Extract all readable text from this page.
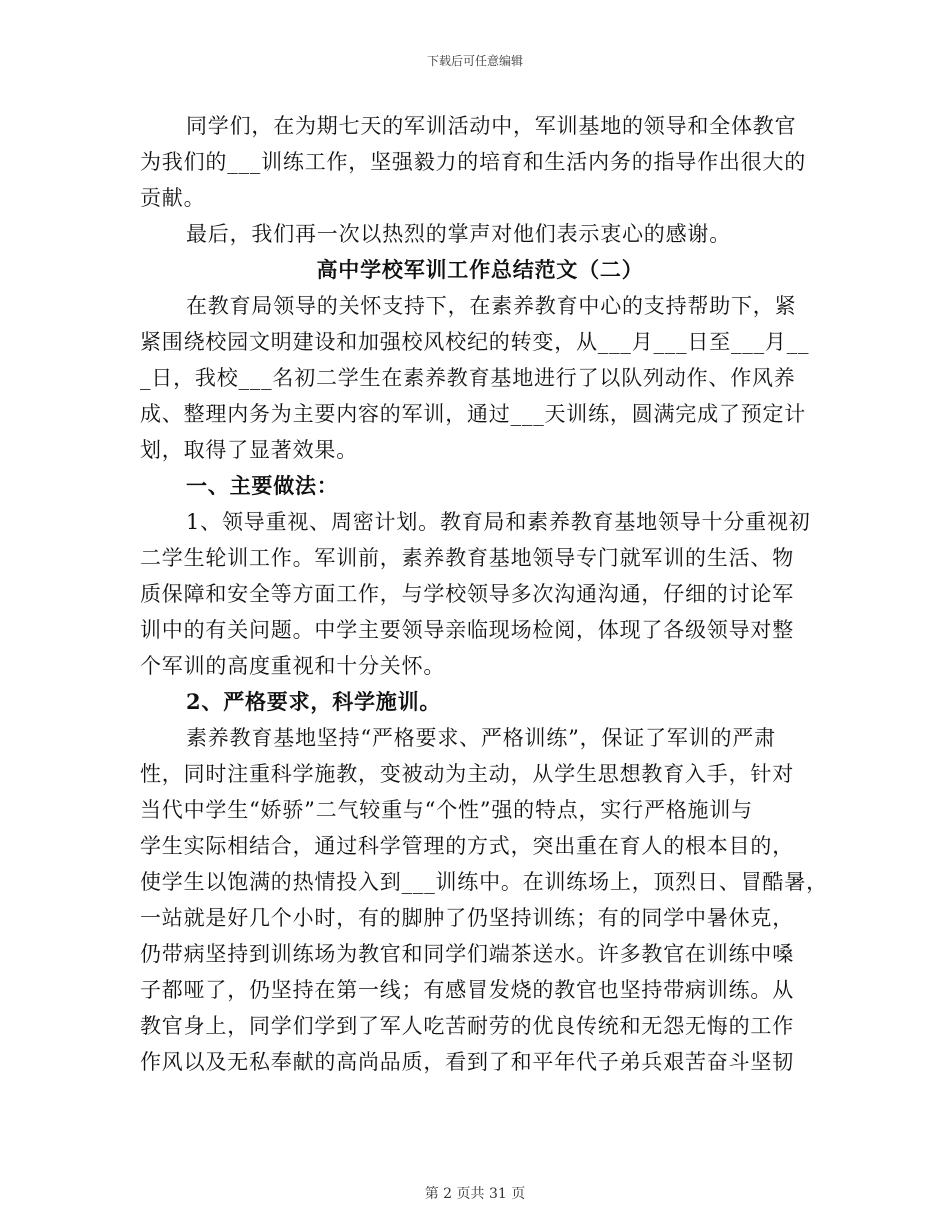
下载后可任意编辑
同学们，在为期七天的军训活动中，军训基地的领导和全体教官
为我们的___训练工作，坚强毅力的培育和生活内务的指导作出很大的
贡献。
最后，我们再一次以热烈的掌声对他们表示衷心的感谢。
高中学校军训工作总结范文（二）
在教育局领导的关怀支持下，在素养教育中心的支持帮助下，紧
紧围绕校园文明建设和加强校风校纪的转变，从___月___日至___月__
_日，我校___名初二学生在素养教育基地进行了以队列动作、作风养
成、整理内务为主要内容的军训，通过___天训练，圆满完成了预定计
划，取得了显著效果。
一、主要做法：
1、领导重视、周密计划。教育局和素养教育基地领导十分重视初
二学生轮训工作。军训前，素养教育基地领导专门就军训的生活、物
质保障和安全等方面工作，与学校领导多次沟通沟通，仔细的讨论军
训中的有关问题。中学主要领导亲临现场检阅，体现了各级领导对整
个军训的高度重视和十分关怀。
2、严格要求，科学施训。
素养教育基地坚持“严格要求、严格训练”，保证了军训的严肃
性，同时注重科学施教，变被动为主动，从学生思想教育入手，针对
当代中学生“娇骄”二气较重与“个性”强的特点，实行严格施训与
学生实际相结合，通过科学管理的方式，突出重在育人的根本目的，
使学生以饱满的热情投入到___训练中。在训练场上，顶烈日、冒酷暑，
一站就是好几个小时，有的脚肿了仍坚持训练；有的同学中暑休克，
仍带病坚持到训练场为教官和同学们端茶送水。许多教官在训练中嗓
子都哑了，仍坚持在第一线；有感冒发烧的教官也坚持带病训练。从
教官身上，同学们学到了军人吃苦耐劳的优良传统和无怨无悔的工作
作风以及无私奉献的高尚品质，看到了和平年代子弟兵艰苦奋斗坚韧
第 2 页共 31 页
